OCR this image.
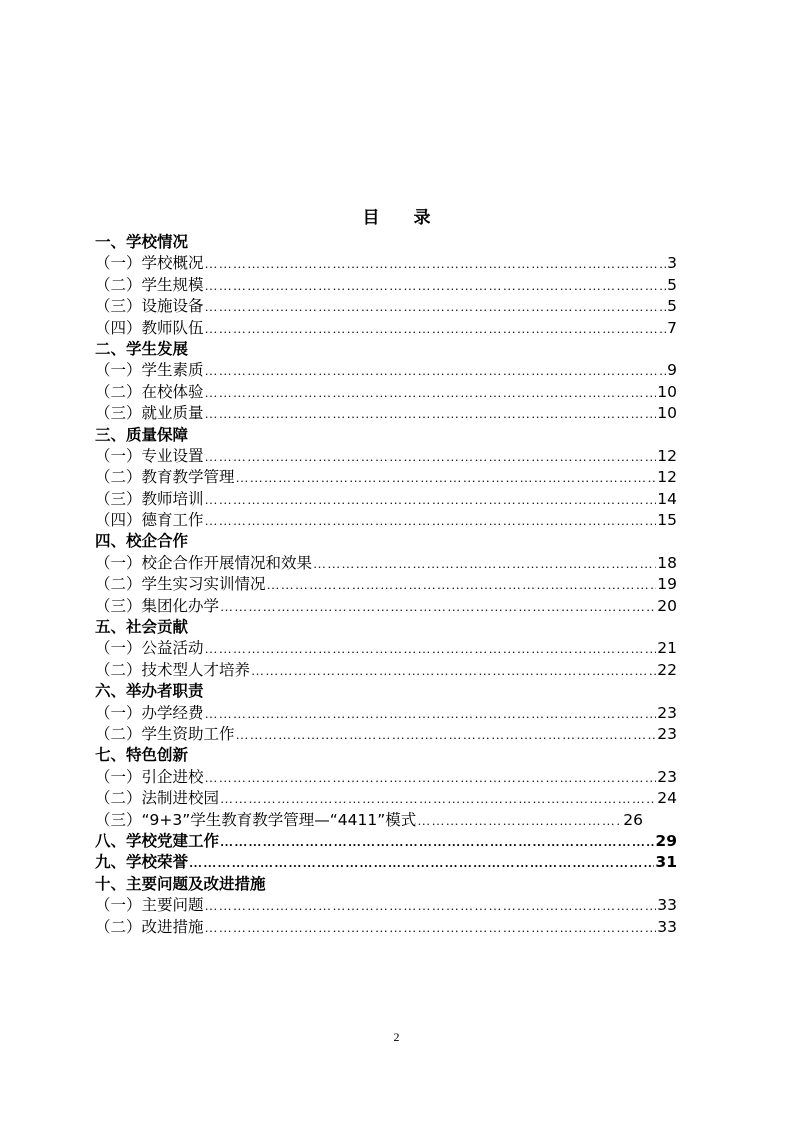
目 录
一、学校情况
（一）学校概况 …………………………………………………………………………………………………………………………………	3
（二）学生规模 …………………………………………………………………………………………………………………………………	5
（三）设施设备 …………………………………………………………………………………………………………………………………	5
（四）教师队伍 …………………………………………………………………………………………………………………………………	7
二、学生发展
（一）学生素质 …………………………………………………………………………………………………………………………………	9
（二）在校体验 …………………………………………………………………………………………………………………………………	10
（三）就业质量 …………………………………………………………………………………………………………………………………	10
三、质量保障
（一）专业设置 …………………………………………………………………………………………………………………………………	12
（二）教育教学管理 …………………………………………………………………………………………………………………………………	12
（三）教师培训 …………………………………………………………………………………………………………………………………	14
（四）德育工作 …………………………………………………………………………………………………………………………………	15
四、校企合作
（一）校企合作开展情况和效果 …………………………………………………………………………………………………………………………………	18
（二）学生实习实训情况 …………………………………………………………………………………………………………………………………	19
（三）集团化办学 …………………………………………………………………………………………………………………………………	20
五、社会贡献
（一）公益活动 …………………………………………………………………………………………………………………………………	21
（二）技术型人才培养 …………………………………………………………………………………………………………………………………	22
六、举办者职责
（一）办学经费 …………………………………………………………………………………………………………………………………	23
（二）学生资助工作 …………………………………………………………………………………………………………………………………	23
七、特色创新
（一）引企进校 …………………………………………………………………………………………………………………………………	23
（二）法制进校园 …………………………………………………………………………………………………………………………………	24
（三）“9+3”学生教育教学管理—“4411”模式 …………………………………………………………………………………………………………………………………	26
八、学校党建工作 …………………………………………………………………………………………………………………………………	29
九、学校荣誉 …………………………………………………………………………………………………………………………………	31
十、主要问题及改进措施
（一）主要问题 …………………………………………………………………………………………………………………………………	33
（二）改进措施 …………………………………………………………………………………………………………………………………	33
2
